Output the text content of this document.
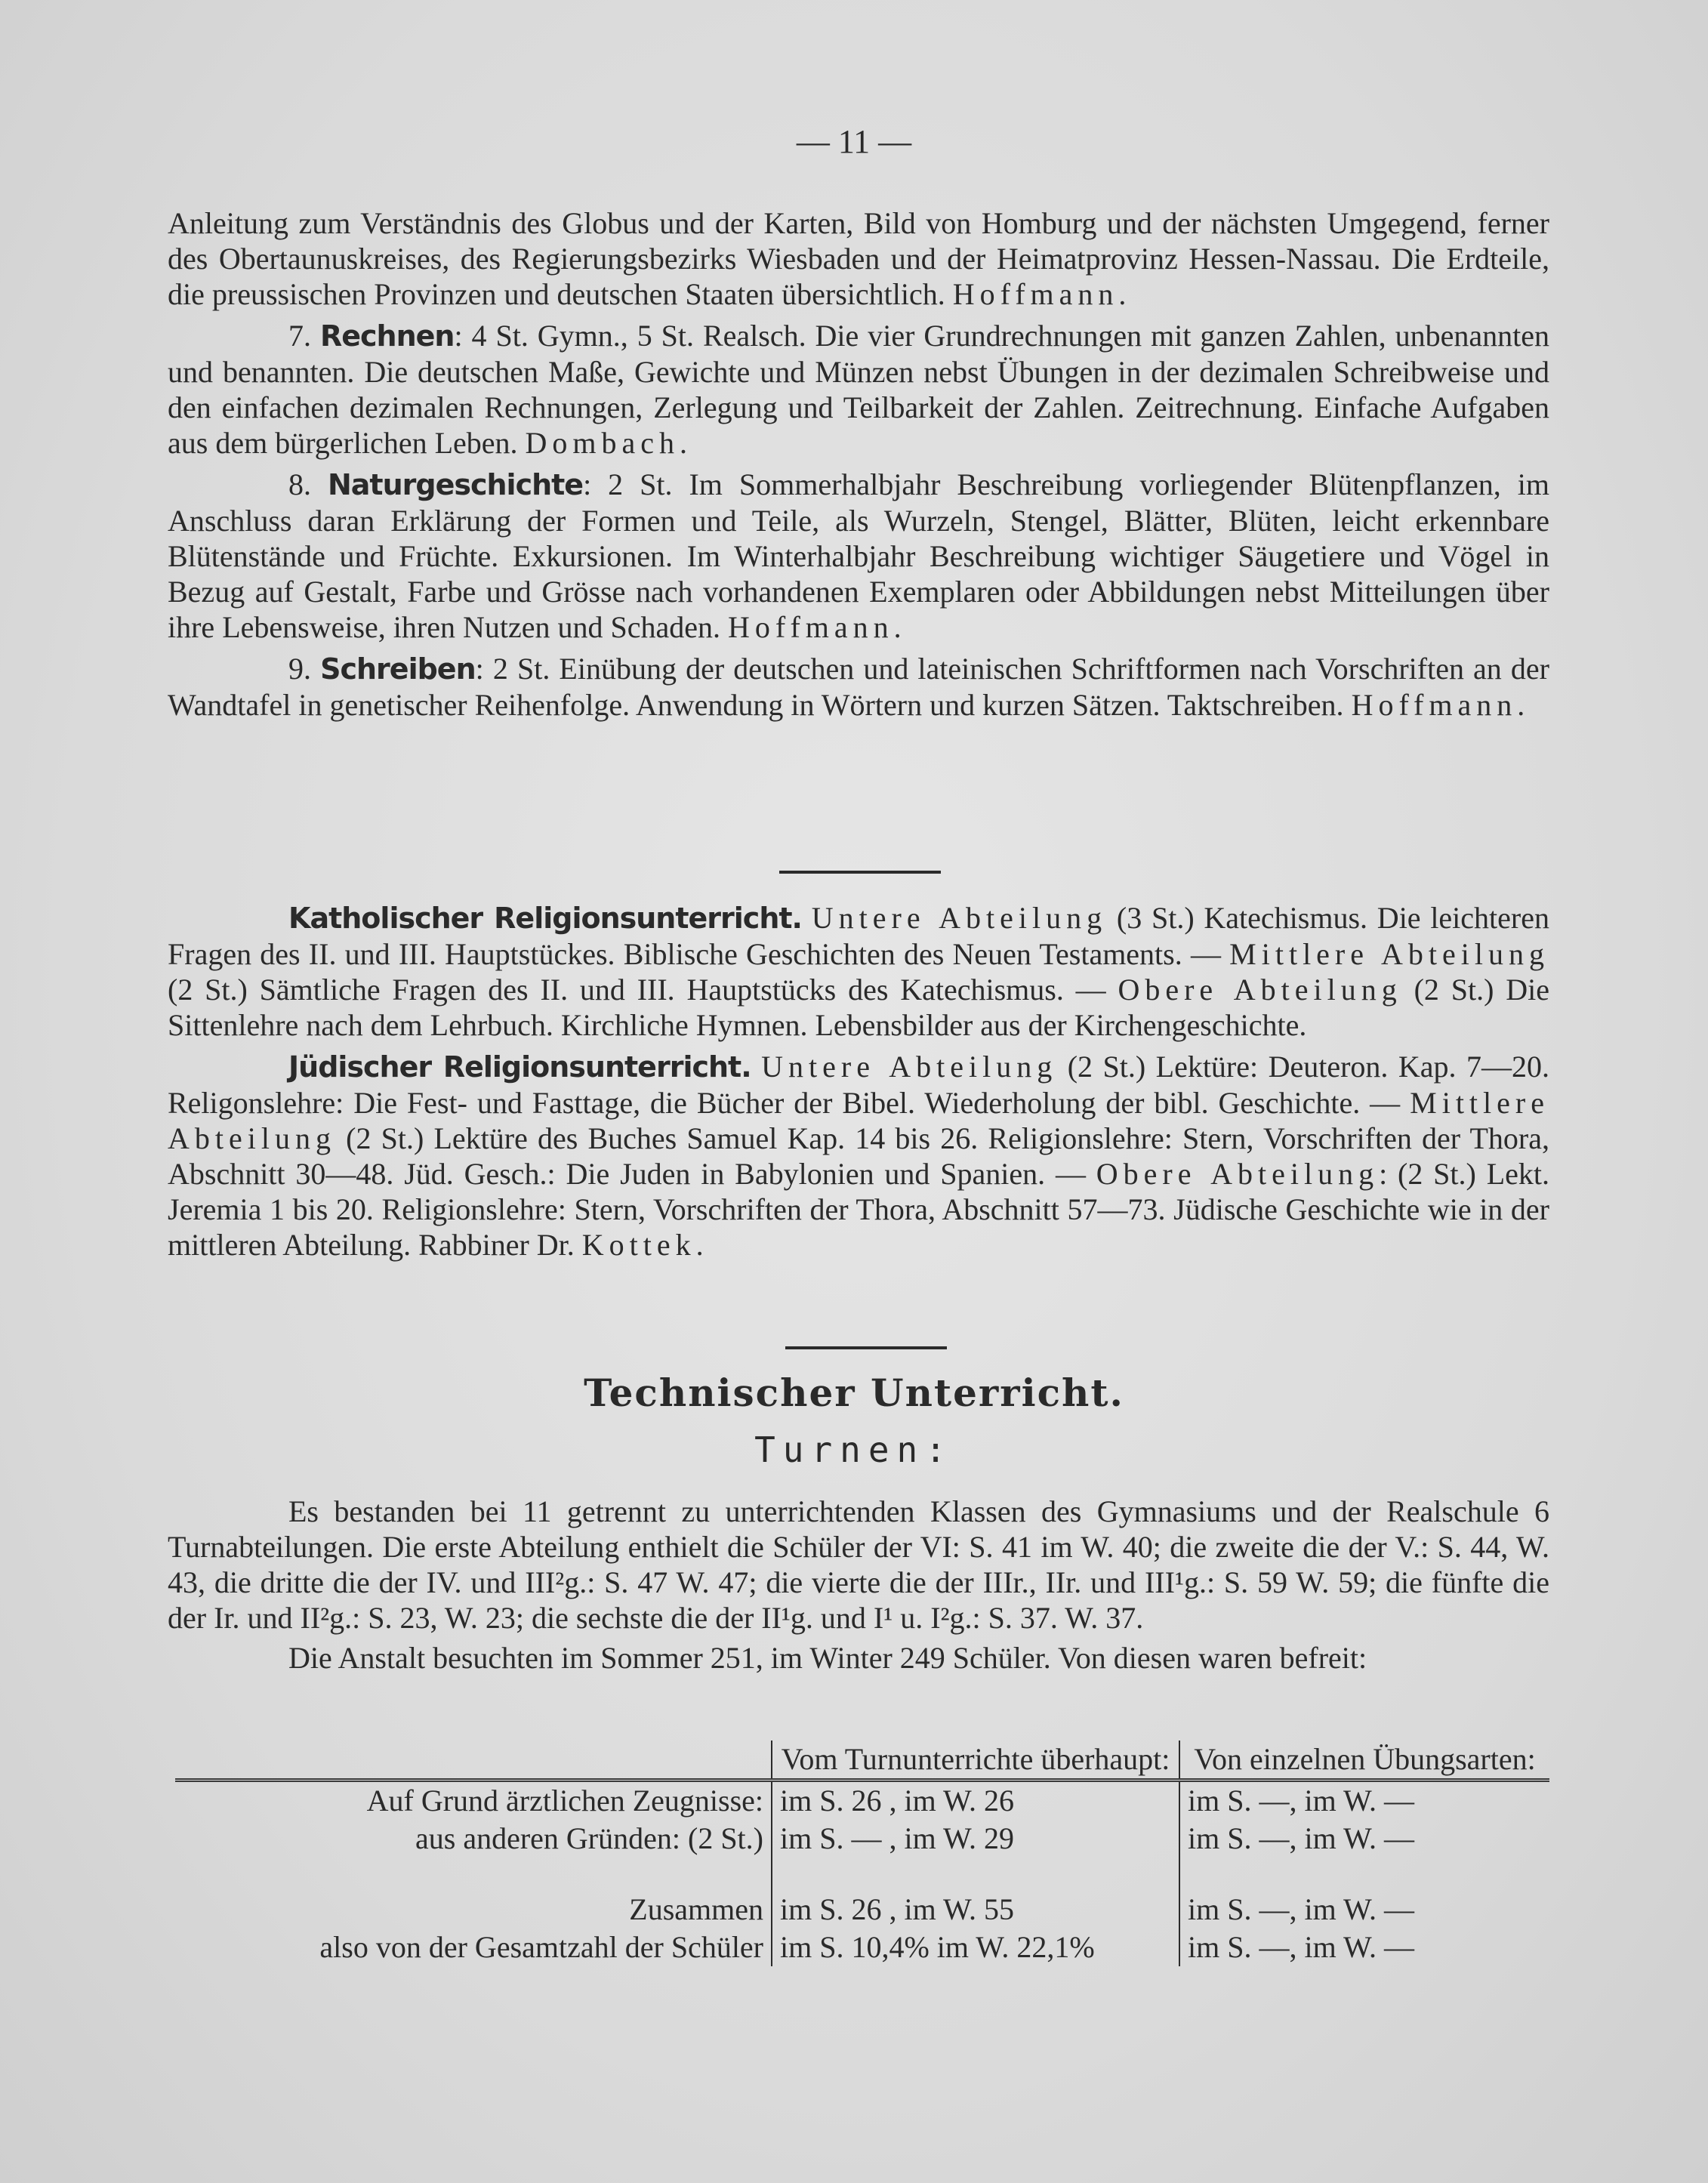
— 11 —

Anleitung zum Verständnis des Globus und der Karten, Bild von Homburg und der nächsten Umgegend, ferner des Obertaunuskreises, des Regierungsbezirks Wiesbaden und der Heimatprovinz Hessen-Nassau. Die Erdteile, die preussischen Provinzen und deutschen Staaten übersichtlich. Hoffmann.

7. Rechnen: 4 St. Gymn., 5 St. Realsch. Die vier Grundrechnungen mit ganzen Zahlen, unbenannten und benannten. Die deutschen Maße, Gewichte und Münzen nebst Übungen in der dezimalen Schreibweise und den einfachen dezimalen Rechnungen, Zerlegung und Teilbarkeit der Zahlen. Zeitrechnung. Einfache Aufgaben aus dem bürgerlichen Leben. Dombach.

8. Naturgeschichte: 2 St. Im Sommerhalbjahr Beschreibung vorliegender Blütenpflanzen, im Anschluss daran Erklärung der Formen und Teile, als Wurzeln, Stengel, Blätter, Blüten, leicht erkennbare Blütenstände und Früchte. Exkursionen. Im Winterhalbjahr Beschreibung wichtiger Säugetiere und Vögel in Bezug auf Gestalt, Farbe und Grösse nach vorhandenen Exemplaren oder Abbildungen nebst Mitteilungen über ihre Lebensweise, ihren Nutzen und Schaden. Hoffmann.

9. Schreiben: 2 St. Einübung der deutschen und lateinischen Schriftformen nach Vorschriften an der Wandtafel in genetischer Reihenfolge. Anwendung in Wörtern und kurzen Sätzen. Taktschreiben. Hoffmann.

Katholischer Religionsunterricht. Untere Abteilung (3 St.) Katechismus. Die leichteren Fragen des II. und III. Hauptstückes. Biblische Geschichten des Neuen Testaments. — Mittlere Abteilung (2 St.) Sämtliche Fragen des II. und III. Hauptstücks des Katechismus. — Obere Abteilung (2 St.) Die Sittenlehre nach dem Lehrbuch. Kirchliche Hymnen. Lebensbilder aus der Kirchengeschichte.

Jüdischer Religionsunterricht. Untere Abteilung (2 St.) Lektüre: Deuteron. Kap. 7—20. Religonslehre: Die Fest- und Fasttage, die Bücher der Bibel. Wiederholung der bibl. Geschichte. — Mittlere Abteilung (2 St.) Lektüre des Buches Samuel Kap. 14 bis 26. Religionslehre: Stern, Vorschriften der Thora, Abschnitt 30—48. Jüd. Gesch.: Die Juden in Babylonien und Spanien. — Obere Abteilung: (2 St.) Lekt. Jeremia 1 bis 20. Religionslehre: Stern, Vorschriften der Thora, Abschnitt 57—73. Jüdische Geschichte wie in der mittleren Abteilung. Rabbiner Dr. Kottek.

Technischer Unterricht.
Turnen:

Es bestanden bei 11 getrennt zu unterrichtenden Klassen des Gymnasiums und der Realschule 6 Turnabteilungen. Die erste Abteilung enthielt die Schüler der VI: S. 41 im W. 40; die zweite die der V.: S. 44, W. 43, die dritte die der IV. und III²g.: S. 47 W. 47; die vierte die der IIIr., IIr. und III¹g.: S. 59 W. 59; die fünfte die der Ir. und II²g.: S. 23, W. 23; die sechste die der II¹g. und I¹ u. I²g.: S. 37. W. 37.

Die Anstalt besuchten im Sommer 251, im Winter 249 Schüler. Von diesen waren befreit:

	Vom Turnunterrichte überhaupt:	Von einzelnen Übungsarten:
Auf Grund ärztlichen Zeugnisse:	im S. 26 , im W. 26	im S. —, im W. —
aus anderen Gründen: (2 St.)	im S. — , im W. 29	im S. —, im W. —

Zusammen	im S. 26 , im W. 55	im S. —, im W. —
also von der Gesamtzahl der Schüler	im S. 10,4% im W. 22,1%	im S. —, im W. —
